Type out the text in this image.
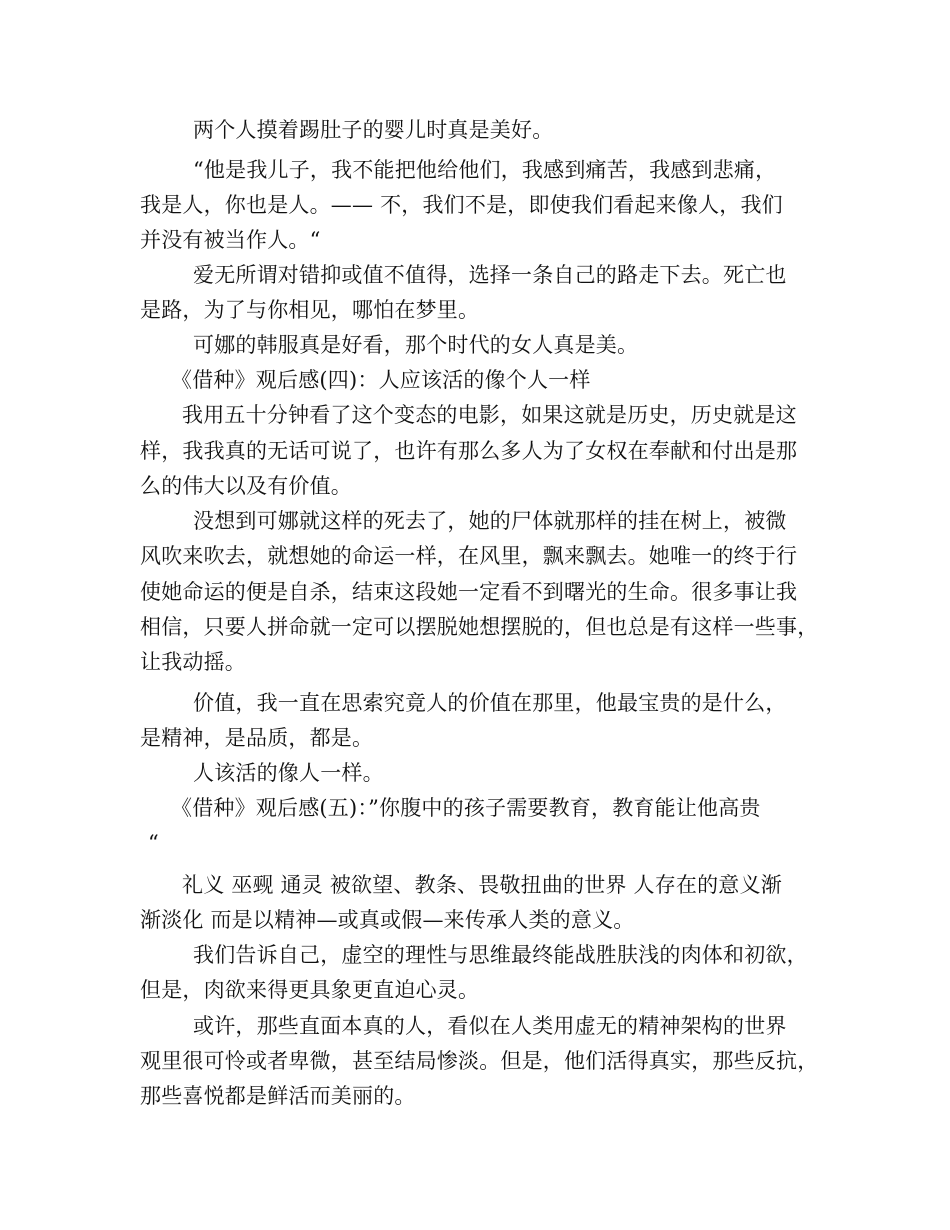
两个人摸着踢肚子的婴儿时真是美好。

“他是我儿子，我不能把他给他们，我感到痛苦，我感到悲痛，

我是人，你也是人。—— 不，我们不是，即使我们看起来像人，我们

并没有被当作人。“

爱无所谓对错抑或值不值得，选择一条自己的路走下去。死亡也

是路，为了与你相见，哪怕在梦里。

可娜的韩服真是好看，那个时代的女人真是美。

《借种》观后感(四)：人应该活的像个人一样

我用五十分钟看了这个变态的电影，如果这就是历史，历史就是这

样，我我真的无话可说了，也许有那么多人为了女权在奉献和付出是那

么的伟大以及有价值。

没想到可娜就这样的死去了，她的尸体就那样的挂在树上，被微

风吹来吹去，就想她的命运一样，在风里，飘来飘去。她唯一的终于行

使她命运的便是自杀，结束这段她一定看不到曙光的生命。很多事让我

相信，只要人拼命就一定可以摆脱她想摆脱的，但也总是有这样一些事，

让我动摇。

价值，我一直在思索究竟人的价值在那里，他最宝贵的是什么，

是精神，是品质，都是。

人该活的像人一样。

《借种》观后感(五)：”你腹中的孩子需要教育，教育能让他高贵

“

礼义 巫觋 通灵 被欲望、教条、畏敬扭曲的世界 人存在的意义渐

渐淡化 而是以精神—或真或假—来传承人类的意义。

我们告诉自己，虚空的理性与思维最终能战胜肤浅的肉体和初欲，

但是，肉欲来得更具象更直迫心灵。

或许，那些直面本真的人，看似在人类用虚无的精神架构的世界

观里很可怜或者卑微，甚至结局惨淡。但是，他们活得真实，那些反抗，

那些喜悦都是鲜活而美丽的。
